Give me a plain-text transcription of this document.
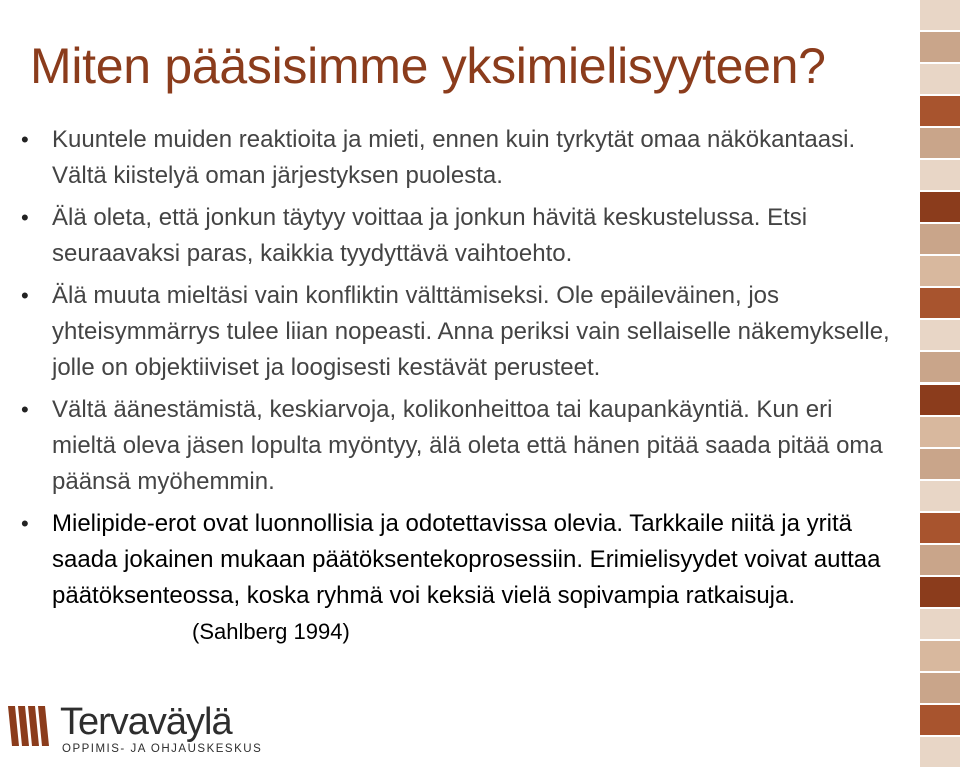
Miten pääsisimme yksimielisyyteen?
• Kuuntele muiden reaktioita ja mieti, ennen kuin tyrkytät omaa näkökantaasi. Vältä kiistelyä oman järjestyksen puolesta.
• Älä oleta, että jonkun täytyy voittaa ja jonkun hävitä keskustelussa. Etsi seuraavaksi paras, kaikkia tyydyttävä vaihtoehto.
• Älä muuta mieltäsi vain konfliktin välttämiseksi. Ole epäileväinen, jos yhteisymmärrys tulee liian nopeasti. Anna periksi vain sellaiselle näkemykselle, jolle on objektiiviset ja loogisesti kestävät perusteet.
• Vältä äänestämistä, keskiarvoja, kolikonheittoa tai kaupankäyntiä. Kun eri mieltä oleva jäsen lopulta myöntyy, älä oleta että hänen pitää saada pitää oma päänsä myöhemmin.
• Mielipide-erot ovat luonnollisia ja odotettavissa olevia. Tarkkaile niitä ja yritä saada jokainen mukaan päätöksentekoprosessiin. Erimielisyydet voivat auttaa päätöksenteossa, koska ryhmä voi keksiä vielä sopivampia ratkaisuja. (Sahlberg 1994)
Tervaväylä
OPPIMIS- JA OHJAUSKESKUS
